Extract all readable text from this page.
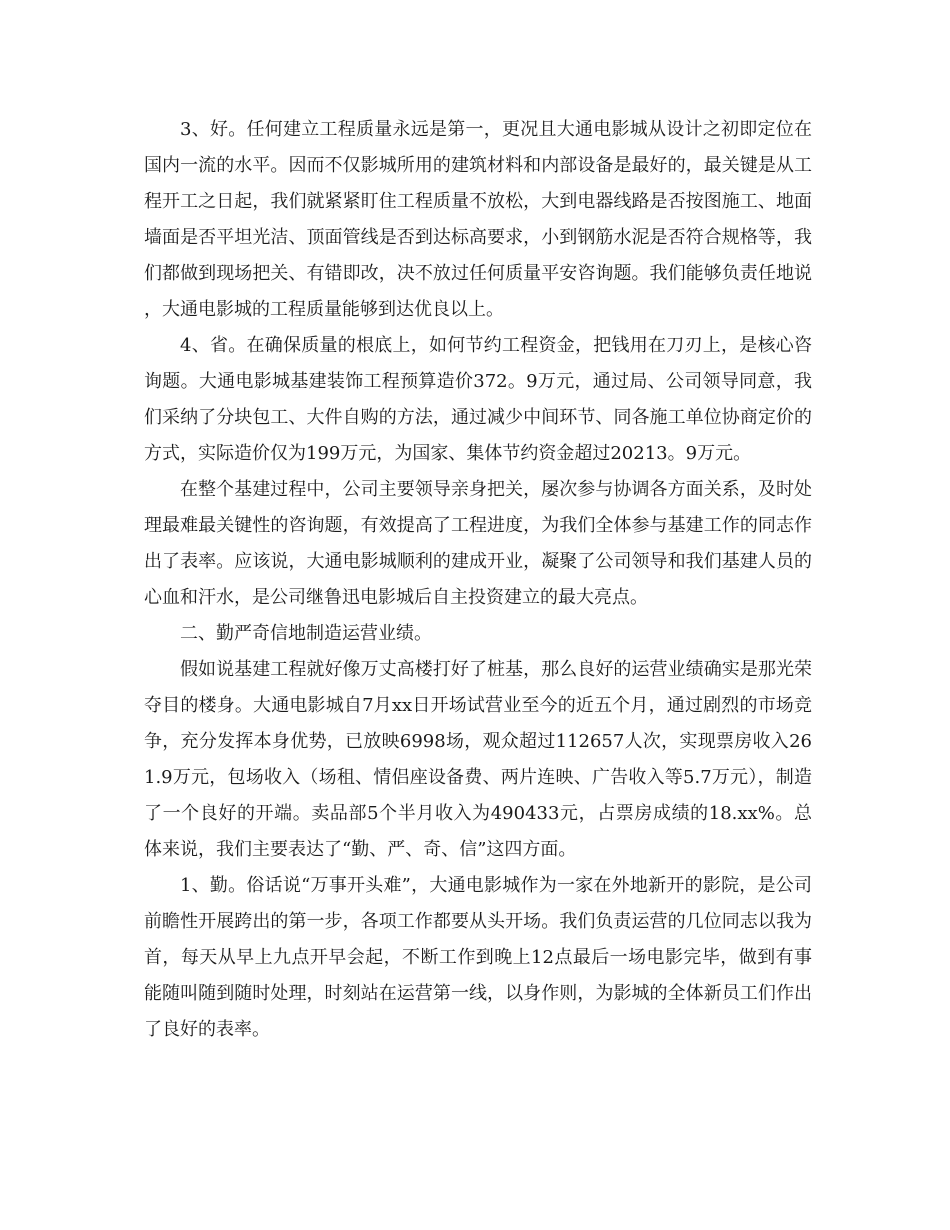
3、好。任何建立工程质量永远是第一，更况且大通电影城从设计之初即定位在国内一流的水平。因而不仅影城所用的建筑材料和内部设备是最好的，最关键是从工程开工之日起，我们就紧紧盯住工程质量不放松，大到电器线路是否按图施工、地面墙面是否平坦光洁、顶面管线是否到达标高要求，小到钢筋水泥是否符合规格等，我们都做到现场把关、有错即改，决不放过任何质量平安咨询题。我们能够负责任地说，大通电影城的工程质量能够到达优良以上。

4、省。在确保质量的根底上，如何节约工程资金，把钱用在刀刃上，是核心咨询题。大通电影城基建装饰工程预算造价372。9万元，通过局、公司领导同意，我们采纳了分块包工、大件自购的方法，通过减少中间环节、同各施工单位协商定价的方式，实际造价仅为199万元，为国家、集体节约资金超过20213。9万元。

在整个基建过程中，公司主要领导亲身把关，屡次参与协调各方面关系，及时处理最难最关键性的咨询题，有效提高了工程进度，为我们全体参与基建工作的同志作出了表率。应该说，大通电影城顺利的建成开业，凝聚了公司领导和我们基建人员的心血和汗水，是公司继鲁迅电影城后自主投资建立的最大亮点。

二、勤严奇信地制造运营业绩。

假如说基建工程就好像万丈高楼打好了桩基，那么良好的运营业绩确实是那光荣夺目的楼身。大通电影城自7月xx日开场试营业至今的近五个月，通过剧烈的市场竞争，充分发挥本身优势，已放映6998场，观众超过112657人次，实现票房收入261.9万元，包场收入（场租、情侣座设备费、两片连映、广告收入等5.7万元），制造了一个良好的开端。卖品部5个半月收入为490433元，占票房成绩的18.xx%。总体来说，我们主要表达了“勤、严、奇、信”这四方面。

1、勤。俗话说“万事开头难”，大通电影城作为一家在外地新开的影院，是公司前瞻性开展跨出的第一步，各项工作都要从头开场。我们负责运营的几位同志以我为首，每天从早上九点开早会起，不断工作到晚上12点最后一场电影完毕，做到有事能随叫随到随时处理，时刻站在运营第一线，以身作则，为影城的全体新员工们作出了良好的表率。
